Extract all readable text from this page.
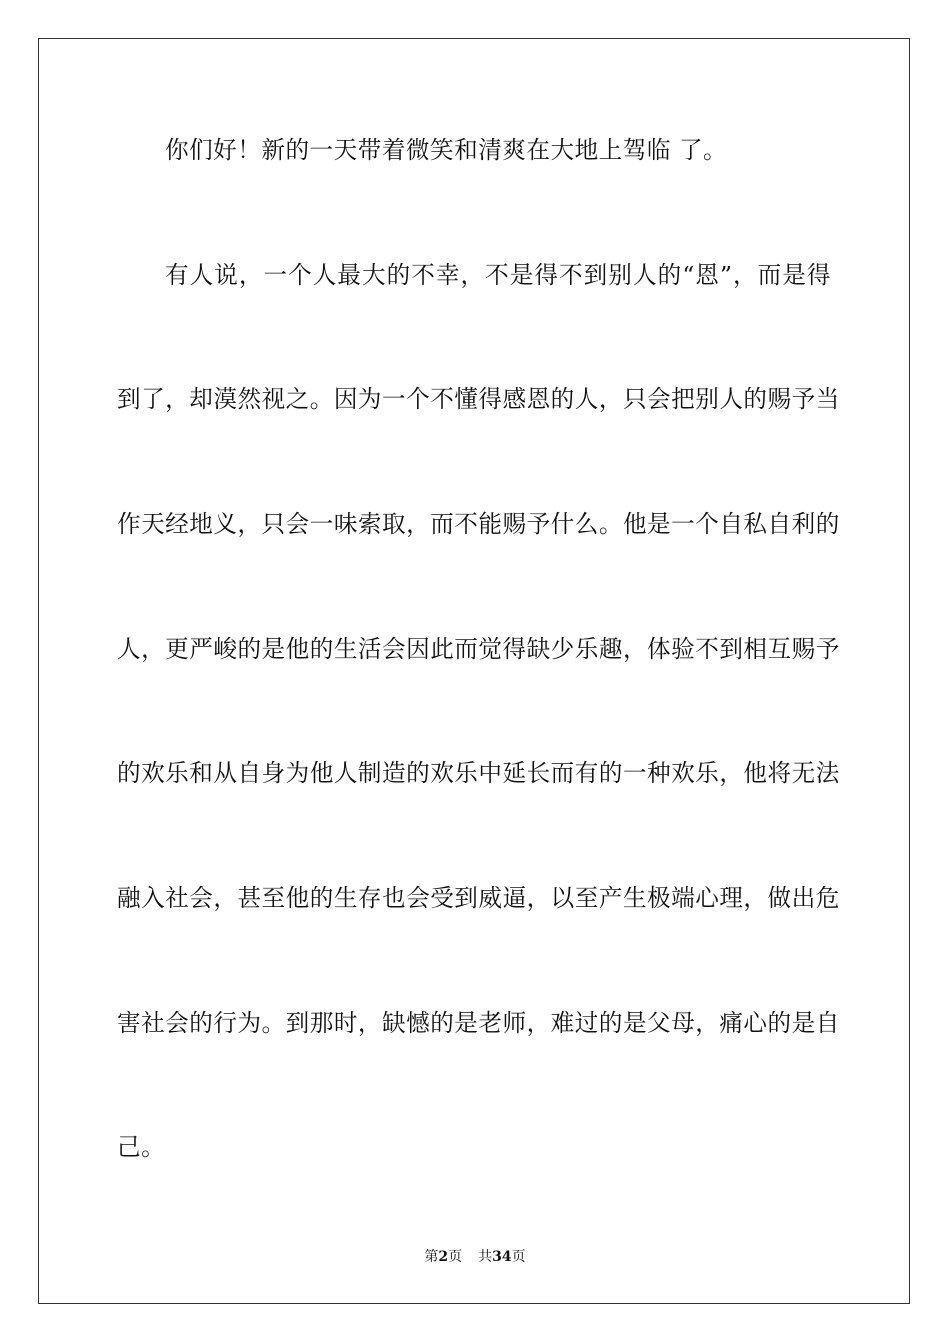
你们好！新的一天带着微笑和清爽在大地上驾临 了。
有人说，一个人最大的不幸，不是得不到别人的“恩”，而是得
到了，却漠然视之。因为一个不懂得感恩的人，只会把别人的赐予当
作天经地义，只会一味索取，而不能赐予什么。他是一个自私自利的
人，更严峻的是他的生活会因此而觉得缺少乐趣，体验不到相互赐予
的欢乐和从自身为他人制造的欢乐中延长而有的一种欢乐，他将无法
融入社会，甚至他的生存也会受到威逼，以至产生极端心理，做出危
害社会的行为。到那时，缺憾的是老师，难过的是父母，痛心的是自
己。
第2页 共34页
